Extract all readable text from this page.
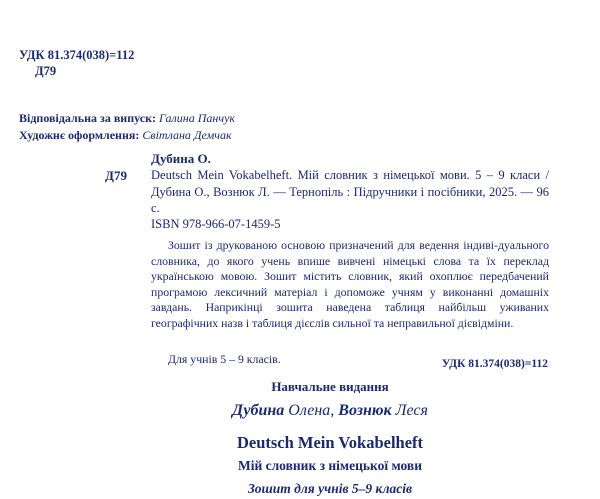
УДК 81.374(038)=112
Д79
Відповідальна за випуск: Галина Панчук
Художнє оформлення: Світлана Демчак
Дубина О.
Д79 Deutsch Mein Vokabelheft. Мій словник з німецької мови. 5 – 9 класи / Дубина О., Вознюк Л. — Тернопіль : Підручники і посібники, 2025. — 96 с.
ISBN 978-966-07-1459-5
Зошит із друкованою основою призначений для ведення індиві-дуального словника, до якого учень впише вивчені німецькі слова та їх переклад українською мовою. Зошит містить словник, який охоплює передбачений програмою лексичний матеріал і допоможе учням у виконанні домашніх завдань. Наприкінці зошита наведена таблиця найбільш уживаних географічних назв і таблиця дієслів сильної та неправильної дієвідміни.
Для учнів 5 – 9 класів.	УДК 81.374(038)=112
Навчальне видання
Дубина Олена, Вознюк Леся
Deutsch Mein Vokabelheft
Мій словник з німецької мови
Зошит для учнів 5–9 класів
